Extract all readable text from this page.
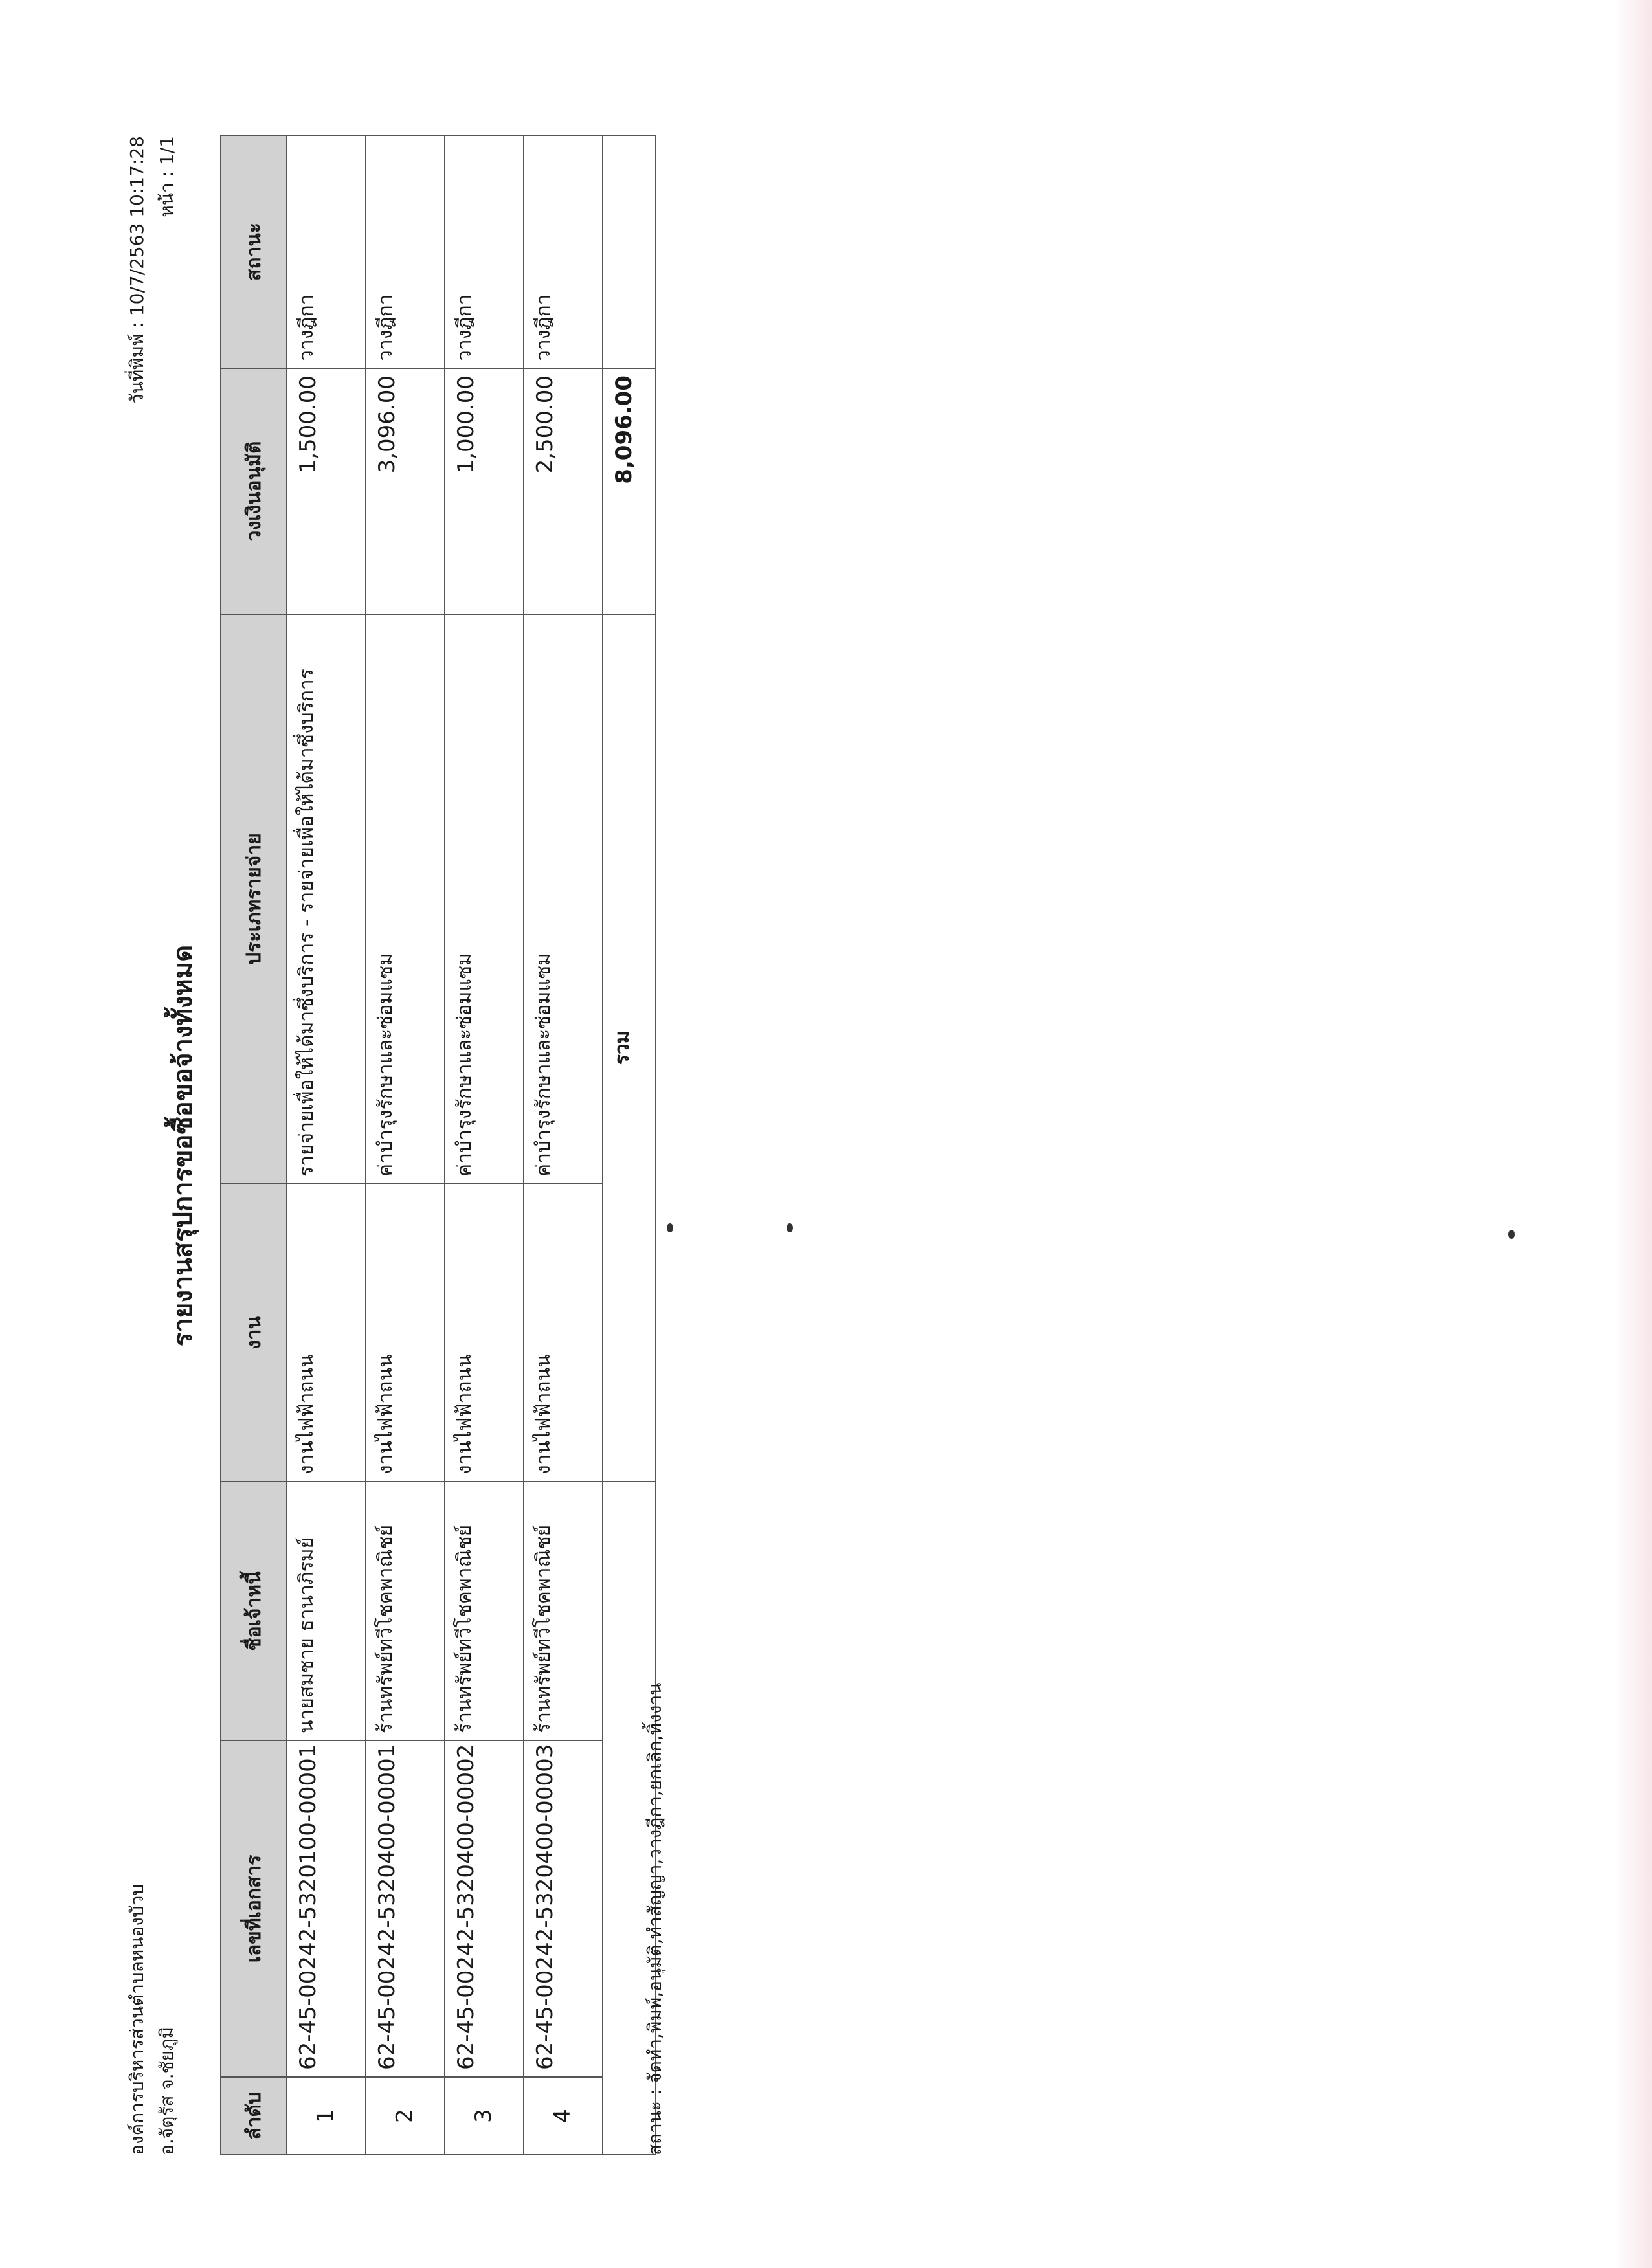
องค์การบริหารส่วนตำบลหนองบัวบ อ.จัตุรัส จ.ชัยภูมิ
วันที่พิมพ์ : 10/7/2563 10:17:28 หน้า : 1/1
รายงานสรุปการขอซื้อขอจ้างทั้งหมด
ลำดับ	เลขที่เอกสาร	ชื่อเจ้าหนี้	งาน	ประเภทรายจ่าย	วงเงินอนุมัติ	สถานะ
1	62-45-00242-5320100-00001	นายสมชาย ธานาภิรมย์	งานไฟฟ้าถนน	รายจ่ายเพื่อให้ได้มาซึ่งบริการ - รายจ่ายเพื่อให้ได้มาซึ่งบริการ	1,500.00	วางฎีกา
2	62-45-00242-5320400-00001	ร้านทรัพย์ทวีโชคพาณิชย์	งานไฟฟ้าถนน	ค่าบำรุงรักษาและซ่อมแซม	3,096.00	วางฎีกา
3	62-45-00242-5320400-00002	ร้านทรัพย์ทวีโชคพาณิชย์	งานไฟฟ้าถนน	ค่าบำรุงรักษาและซ่อมแซม	1,000.00	วางฎีกา
4	62-45-00242-5320400-00003	ร้านทรัพย์ทวีโชคพาณิชย์	งานไฟฟ้าถนน	ค่าบำรุงรักษาและซ่อมแซม	2,500.00	วางฎีกา
			รวม		8,096.00	
สถานะ : จัดทำ,พิมพ์,อนุมัติ,ทำสัญญา,วางฎีกา,ยกเลิก,ทิ้งงาน
